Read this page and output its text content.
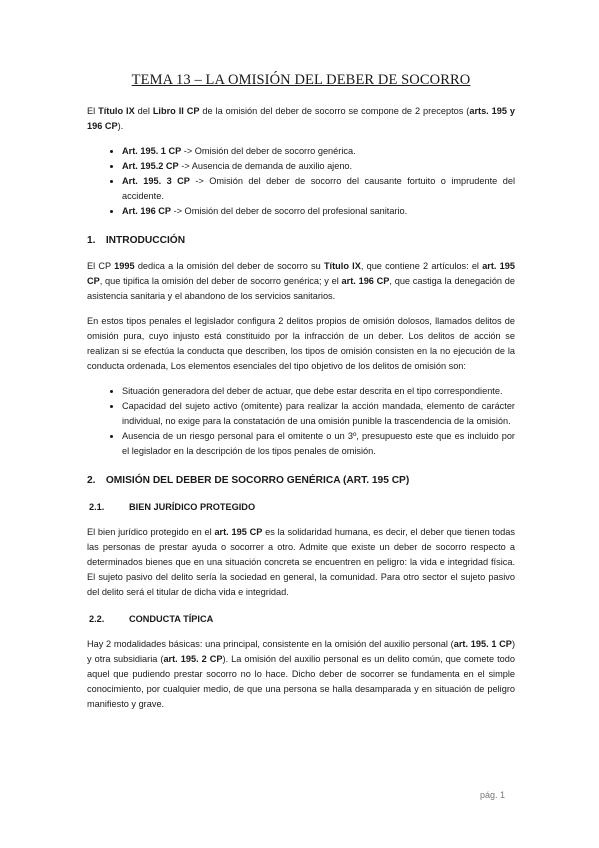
TEMA 13 – LA OMISIÓN DEL DEBER DE SOCORRO

El Título IX del Libro II CP de la omisión del deber de socorro se compone de 2 preceptos (arts. 195 y 196 CP).

• Art. 195. 1 CP -> Omisión del deber de socorro genérica.
• Art. 195.2 CP -> Ausencia de demanda de auxilio ajeno.
• Art. 195. 3 CP -> Omisión del deber de socorro del causante fortuito o imprudente del accidente.
• Art. 196 CP -> Omisión del deber de socorro del profesional sanitario.
1. INTRODUCCIÓN

El CP 1995 dedica a la omisión del deber de socorro su Título IX, que contiene 2 artículos: el art. 195 CP, que tipifica la omisión del deber de socorro genérica; y el art. 196 CP, que castiga la denegación de asistencia sanitaria y el abandono de los servicios sanitarios.

En estos tipos penales el legislador configura 2 delitos propios de omisión dolosos, llamados delitos de omisión pura, cuyo injusto está constituido por la infracción de un deber. Los delitos de acción se realizan si se efectúa la conducta que describen, los tipos de omisión consisten en la no ejecución de la conducta ordenada, Los elementos esenciales del tipo objetivo de los delitos de omisión son:

• Situación generadora del deber de actuar, que debe estar descrita en el tipo correspondiente.
• Capacidad del sujeto activo (omitente) para realizar la acción mandada, elemento de carácter individual, no exige para la constatación de una omisión punible la trascendencia de la omisión.
• Ausencia de un riesgo personal para el omitente o un 3º, presupuesto este que es incluido por el legislador en la descripción de los tipos penales de omisión.
2. OMISIÓN DEL DEBER DE SOCORRO GENÉRICA (ART. 195 CP)
2.1.	BIEN JURÍDICO PROTEGIDO

El bien jurídico protegido en el art. 195 CP es la solidaridad humana, es decir, el deber que tienen todas las personas de prestar ayuda o socorrer a otro. Admite que existe un deber de socorro respecto a determinados bienes que en una situación concreta se encuentren en peligro: la vida e integridad física. El sujeto pasivo del delito sería la sociedad en general, la comunidad. Para otro sector el sujeto pasivo del delito será el titular de dicha vida e integridad.

2.2.	CONDUCTA TÍPICA

Hay 2 modalidades básicas: una principal, consistente en la omisión del auxilio personal (art. 195. 1 CP) y otra subsidiaria (art. 195. 2 CP). La omisión del auxilio personal es un delito común, que comete todo aquel que pudiendo prestar socorro no lo hace. Dicho deber de socorrer se fundamenta en el simple conocimiento, por cualquier medio, de que una persona se halla desamparada y en situación de peligro manifiesto y grave.

pág. 1
